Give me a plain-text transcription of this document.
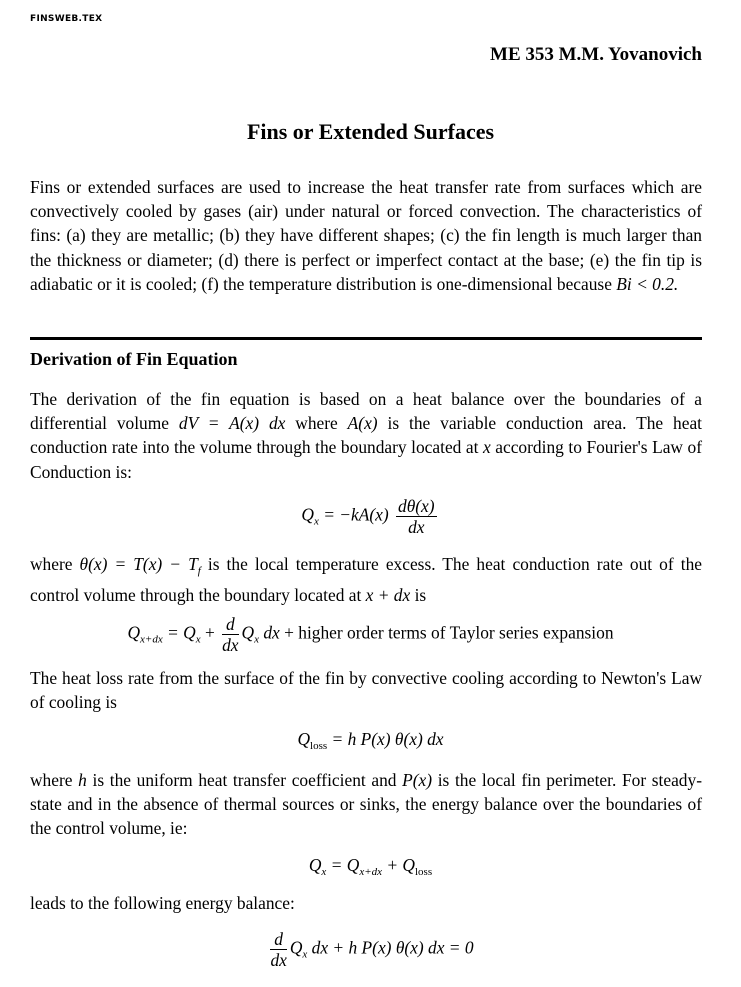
FINSWEB.TEX
ME 353 M.M. Yovanovich
Fins or Extended Surfaces
Fins or extended surfaces are used to increase the heat transfer rate from surfaces which are convectively cooled by gases (air) under natural or forced convection. The characteristics of fins: (a) they are metallic; (b) they have different shapes; (c) the fin length is much larger than the thickness or diameter; (d) there is perfect or imperfect contact at the base; (e) the fin tip is adiabatic or it is cooled; (f) the temperature distribution is one-dimensional because Bi < 0.2.
Derivation of Fin Equation
The derivation of the fin equation is based on a heat balance over the boundaries of a differential volume dV = A(x) dx where A(x) is the variable conduction area. The heat conduction rate into the volume through the boundary located at x according to Fourier's Law of Conduction is:
$Q_x = -kA(x) \frac{d\theta(x)}{dx}$
where $\theta(x) = T(x) - T_f$ is the local temperature excess. The heat conduction rate out of the control volume through the boundary located at x + dx is
$Q_{x+dx} = Q_x + \frac{d}{dx} Q_x$ dx + higher order terms of Taylor series expansion
The heat loss rate from the surface of the fin by convective cooling according to Newton's Law of cooling is
$Q_{loss} = h$ P(x) θ(x) dx
where h is the uniform heat transfer coefficient and P(x) is the local fin perimeter. For steady-state and in the absence of thermal sources or sinks, the energy balance over the boundaries of the control volume, ie:
$Q_x = Q_{x+dx} + Q_{loss}$
leads to the following energy balance:
$\frac{d}{dx} Q_x$ dx + h P(x) θ(x) dx = 0
